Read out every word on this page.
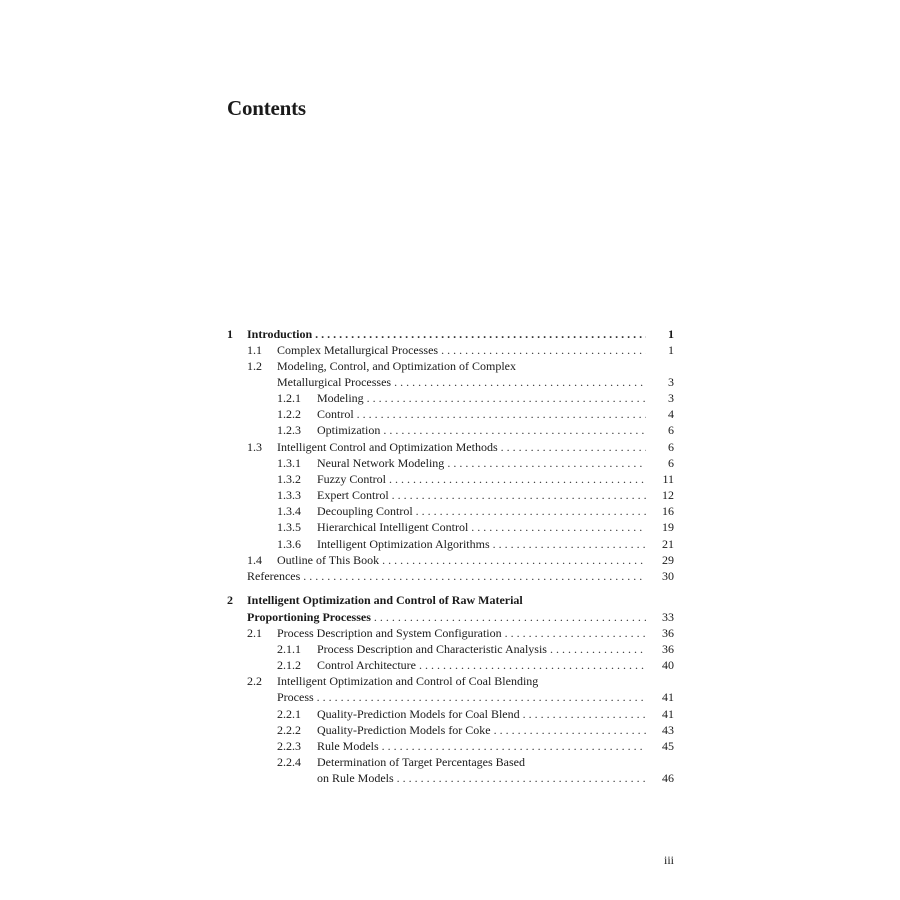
Contents
1	Introduction . . .	1
1.1	Complex Metallurgical Processes . . .	1
1.2	Modeling, Control, and Optimization of Complex
Metallurgical Processes . . .	3
1.2.1	Modeling . . .	3
1.2.2	Control . . .	4
1.2.3	Optimization . . .	6
1.3	Intelligent Control and Optimization Methods . . .	6
1.3.1	Neural Network Modeling . . .	6
1.3.2	Fuzzy Control . . .	11
1.3.3	Expert Control . . .	12
1.3.4	Decoupling Control . . .	16
1.3.5	Hierarchical Intelligent Control . . .	19
1.3.6	Intelligent Optimization Algorithms . . .	21
1.4	Outline of This Book . . .	29
References . . .	30
2	Intelligent Optimization and Control of Raw Material
Proportioning Processes . . .	33
2.1	Process Description and System Configuration . . .	36
2.1.1	Process Description and Characteristic Analysis . . .	36
2.1.2	Control Architecture . . .	40
2.2	Intelligent Optimization and Control of Coal Blending
Process . . .	41
2.2.1	Quality-Prediction Models for Coal Blend . . .	41
2.2.2	Quality-Prediction Models for Coke . . .	43
2.2.3	Rule Models . . .	45
2.2.4	Determination of Target Percentages Based
on Rule Models . . .	46
iii
